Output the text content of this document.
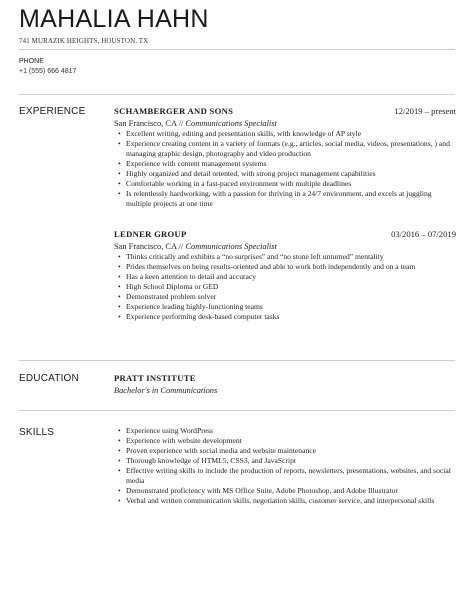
MAHALIA HAHN
741 MURAZIK HEIGHTS, HOUSTON, TX
PHONE
+1 (555) 666 4817
EXPERIENCE	SCHAMBERGER AND SONS	12/2019 – present
San Francisco, CA // Communications Specialist
• Excellent writing, editing and presentation skills, with knowledge of AP style
• Experience creating content in a variety of formats (e.g., articles, social media, videos, presentations, ) and managing graphic design, photography and video production
• Experience with content management systems
• Highly organized and detail oriented, with strong project management capabilities
• Comfortable working in a fast-paced environment with multiple deadlines
• Is relentlessly hardworking, with a passion for thriving in a 24/7 environment, and excels at juggling multiple projects at one time
LEDNER GROUP	03/2016 – 07/2019
San Francisco, CA // Communications Specialist
• Thinks critically and exhibits a “no surprises” and “no stone left unturned” mentality
• Prides themselves on being results-oriented and able to work both independently and on a team
• Has a keen attention to detail and accuracy
• High School Diploma or GED
• Demonstrated problem solver
• Experience leading highly-functioning teams
• Experience performing desk-based computer tasks
EDUCATION	PRATT INSTITUTE
Bachelor's in Communications
SKILLS	• Experience using WordPress
• Experience with website development
• Proven experience with social media and website maintenance
• Thorough knowledge of HTML5, CSS3, and JavaScript
• Effective writing skills to include the production of reports, newsletters, presentations, websites, and social media
• Demonstrated proficiency with MS Office Suite, Adobe Photoshop, and Adobe Illustrator
• Verbal and written communication skills, negotiation skills, customer service, and interpersonal skills
